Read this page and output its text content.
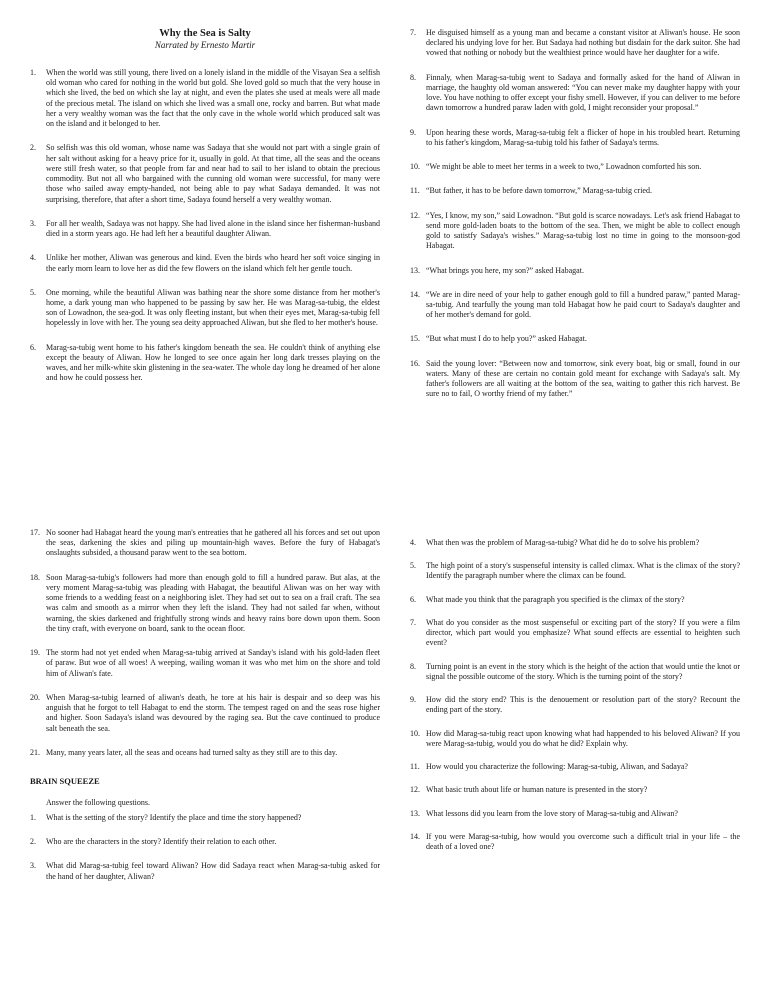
Why the Sea is Salty
Narrated by Ernesto Martir
1.	When the world was still young, there lived on a lonely island in the middle of the Visayan Sea a selfish old woman who cared for nothing in the world but gold. She loved gold so much that the very house in which she lived, the bed on which she lay at night, and even the plates she used at meals were all made of the precious metal. The island on which she lived was a small one, rocky and barren. But what made her a very wealthy woman was the fact that the only cave in the whole world which produced salt was on the island and it belonged to her.
2.	So selfish was this old woman, whose name was Sadaya that she would not part with a single grain of her salt without asking for a heavy price for it, usually in gold. At that time, all the seas and the oceans were still fresh water, so that people from far and near had to sail to her island to obtain the precious commodity. But not all who bargained with the cunning old woman were successful, for many were those who sailed away empty-handed, not being able to pay what Sadaya demanded. It was not surprising, therefore, that after a short time, Sadaya found herself a very wealthy woman.
3.	For all her wealth, Sadaya was not happy. She had lived alone in the island since her fisherman-husband died in a storm years ago. He had left her a beautiful daughter Aliwan.
4.	Unlike her mother, Aliwan was generous and kind. Even the birds who heard her soft voice singing in the early morn learn to love her as did the few flowers on the island which felt her gentle touch.
5.	One morning, while the beautiful Aliwan was bathing near the shore some distance from her mother's home, a dark young man who happened to be passing by saw her. He was Marag-sa-tubig, the eldest son of Lowadnon, the sea-god. It was only fleeting instant, but when their eyes met, Marag-sa-tubig fell hopelessly in love with her. The young sea deity approached Aliwan, but she fled to her mother's house.
6.	Marag-sa-tubig went home to his father's kingdom beneath the sea. He couldn't think of anything else except the beauty of Aliwan. How he longed to see once again her long dark tresses playing on the waves, and her milk-white skin glistening in the sea-water. The whole day long he dreamed of her alone and how he could possess her.
7.	He disguised himself as a young man and became a constant visitor at Aliwan's house. He soon declared his undying love for her. But Sadaya had nothing but disdain for the dark suitor. She had vowed that nothing or nobody but the wealthiest prince would have her daughter for a wife.
8.	Finnaly, when Marag-sa-tubig went to Sadaya and formally asked for the hand of Aliwan in marriage, the haughty old woman answered: “You can never make my daughter happy with your love. You have nothing to offer except your fishy smell. However, if you can deliver to me before dawn tomorrow a hundred paraw laden with gold, I might reconsider your proposal.”
9.	Upon hearing these words, Marag-sa-tubig felt a flicker of hope in his troubled heart. Returning to his father's kingdom, Marag-sa-tubig told his father of Sadaya's terms.
10. “We might be able to meet her terms in a week to two,” Lowadnon comforted his son.
11. “But father, it has to be before dawn tomorrow,” Marag-sa-tubig cried.
12. “Yes, I know, my son,” said Lowadnon. “But gold is scarce nowadays. Let's ask friend Habagat to send more gold-laden boats to the bottom of the sea. Then, we might be able to collect enough gold to satistfy Sadaya's wishes.” Marag-sa-tubig lost no time in going to the monsoon-god Habagat.
13. “What brings you here, my son?” asked Habagat.
14. “We are in dire need of your help to gather enough gold to fill a hundred paraw,” panted Marag-sa-tubig. And tearfully the young man told Habagat how he paid court to Sadaya's daughter and of her mother's demand for gold.
15. “But what must I do to help you?” asked Habagat.
16. Said the young lover: “Between now and tomorrow, sink every boat, big or small, found in our waters. Many of these are certain no contain gold meant for exchange with Sadaya's salt. My father's followers are all waiting at the bottom of the sea, waiting to gather this rich harvest. Be sure no to fail, O worthy friend of my father.”
17. No sooner had Habagat heard the young man's entreaties that he gathered all his forces and set out upon the seas, darkening the skies and piling up mountain-high waves. Before the fury of Habagat's onslaughts subsided, a thousand paraw went to the sea bottom.
18. Soon Marag-sa-tubig's followers had more than enough gold to fill a hundred paraw. But alas, at the very moment Marag-sa-tubig was pleading with Habagat, the beautiful Aliwan was on her way with some friends to a wedding feast on a neighboring islet. They had set out to sea on a frail craft. The sea was calm and smooth as a mirror when they left the island. They had not sailed far when, without warning, the skies darkened and frightfully strong winds and heavy rains bore down upon them. Soon the tiny craft, with everyone on board, sank to the ocean floor.
19. The storm had not yet ended when Marag-sa-tubig arrived at Sanday's island with his gold-laden fleet of paraw. But woe of all woes! A weeping, wailing woman it was who met him on the shore and told him of Aliwan's fate.
20. When Marag-sa-tubig learned of aliwan's death, he tore at his hair is despair and so deep was his anguish that he forgot to tell Habagat to end the storm. The tempest raged on and the seas rose higher and higher. Soon Sadaya's island was devoured by the raging sea. But the cave continued to produce salt beneath the sea.
21. Many, many years later, all the seas and oceans had turned salty as they still are to this day.
BRAIN SQUEEZE
Answer the following questions.
1.	What is the setting of the story? Identify the place and time the story happened?
2.	Who are the characters in the story? Identify their relation to each other.
3.	What did Marag-sa-tubig feel toward Aliwan? How did Sadaya react when Marag-sa-tubig asked for the hand of her daughter, Aliwan?
4.	What then was the problem of Marag-sa-tubig? What did he do to solve his problem?
5.	The high point of a story's suspenseful intensity is called climax. What is the climax of the story? Identify the paragraph number where the climax can be found.
6.	What made you think that the paragraph you specified is the climax of the story?
7.	What do you consider as the most suspenseful or exciting part of the story? If you were a film director, which part would you emphasize? What sound effects are essential to heighten such event?
8.	Turning point is an event in the story which is the height of the action that would untie the knot or signal the possible outcome of the story. Which is the turning point of the story?
9.	How did the story end? This is the denouement or resolution part of the story? Recount the ending part of the story.
10. How did Marag-sa-tubig react upon knowing what had happended to his beloved Aliwan? If you were Marag-sa-tubig, would you do what he did? Explain why.
11. How would you characterize the following: Marag-sa-tubig, Aliwan, and Sadaya?
12. What basic truth about life or human nature is presented in the story?
13. What lessons did you learn from the love story of Marag-sa-tubig and Aliwan?
14. If you were Marag-sa-tubig, how would you overcome such a difficult trial in your life – the death of a loved one?
